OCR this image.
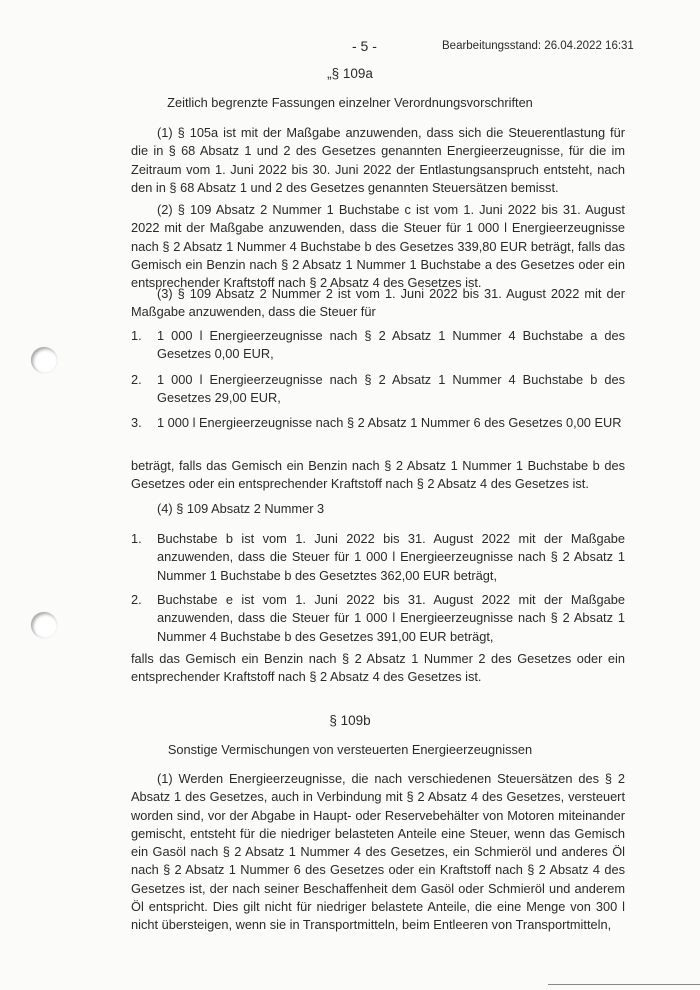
- 5 -	Bearbeitungsstand: 26.04.2022 16:31
„§ 109a
Zeitlich begrenzte Fassungen einzelner Verordnungsvorschriften
(1) § 105a ist mit der Maßgabe anzuwenden, dass sich die Steuerentlastung für die in § 68 Absatz 1 und 2 des Gesetzes genannten Energieerzeugnisse, für die im Zeitraum vom 1. Juni 2022 bis 30. Juni 2022 der Entlastungsanspruch entsteht, nach den in § 68 Absatz 1 und 2 des Gesetzes genannten Steuersätzen bemisst.
(2) § 109 Absatz 2 Nummer 1 Buchstabe c ist vom 1. Juni 2022 bis 31. August 2022 mit der Maßgabe anzuwenden, dass die Steuer für 1 000 l Energieerzeugnisse nach § 2 Absatz 1 Nummer 4 Buchstabe b des Gesetzes 339,80 EUR beträgt, falls das Gemisch ein Benzin nach § 2 Absatz 1 Nummer 1 Buchstabe a des Gesetzes oder ein entsprechender Kraftstoff nach § 2 Absatz 4 des Gesetzes ist.
(3) § 109 Absatz 2 Nummer 2 ist vom 1. Juni 2022 bis 31. August 2022 mit der Maßgabe anzuwenden, dass die Steuer für
1. 1 000 l Energieerzeugnisse nach § 2 Absatz 1 Nummer 4 Buchstabe a des Gesetzes 0,00 EUR,
2. 1 000 l Energieerzeugnisse nach § 2 Absatz 1 Nummer 4 Buchstabe b des Gesetzes 29,00 EUR,
3. 1 000 l Energieerzeugnisse nach § 2 Absatz 1 Nummer 6 des Gesetzes 0,00 EUR
beträgt, falls das Gemisch ein Benzin nach § 2 Absatz 1 Nummer 1 Buchstabe b des Gesetzes oder ein entsprechender Kraftstoff nach § 2 Absatz 4 des Gesetzes ist.
(4) § 109 Absatz 2 Nummer 3
1. Buchstabe b ist vom 1. Juni 2022 bis 31. August 2022 mit der Maßgabe anzuwenden, dass die Steuer für 1 000 l Energieerzeugnisse nach § 2 Absatz 1 Nummer 1 Buchstabe b des Gesetztes 362,00 EUR beträgt,
2. Buchstabe e ist vom 1. Juni 2022 bis 31. August 2022 mit der Maßgabe anzuwenden, dass die Steuer für 1 000 l Energieerzeugnisse nach § 2 Absatz 1 Nummer 4 Buchstabe b des Gesetzes 391,00 EUR beträgt,
falls das Gemisch ein Benzin nach § 2 Absatz 1 Nummer 2 des Gesetzes oder ein entsprechender Kraftstoff nach § 2 Absatz 4 des Gesetzes ist.
§ 109b
Sonstige Vermischungen von versteuerten Energieerzeugnissen
(1) Werden Energieerzeugnisse, die nach verschiedenen Steuersätzen des § 2 Absatz 1 des Gesetzes, auch in Verbindung mit § 2 Absatz 4 des Gesetzes, versteuert worden sind, vor der Abgabe in Haupt- oder Reservebehälter von Motoren miteinander gemischt, entsteht für die niedriger belasteten Anteile eine Steuer, wenn das Gemisch ein Gasöl nach § 2 Absatz 1 Nummer 4 des Gesetzes, ein Schmieröl und anderes Öl nach § 2 Absatz 1 Nummer 6 des Gesetzes oder ein Kraftstoff nach § 2 Absatz 4 des Gesetzes ist, der nach seiner Beschaffenheit dem Gasöl oder Schmieröl und anderem Öl entspricht. Dies gilt nicht für niedriger belastete Anteile, die eine Menge von 300 l nicht übersteigen, wenn sie in Transportmitteln, beim Entleeren von Transportmitteln,
